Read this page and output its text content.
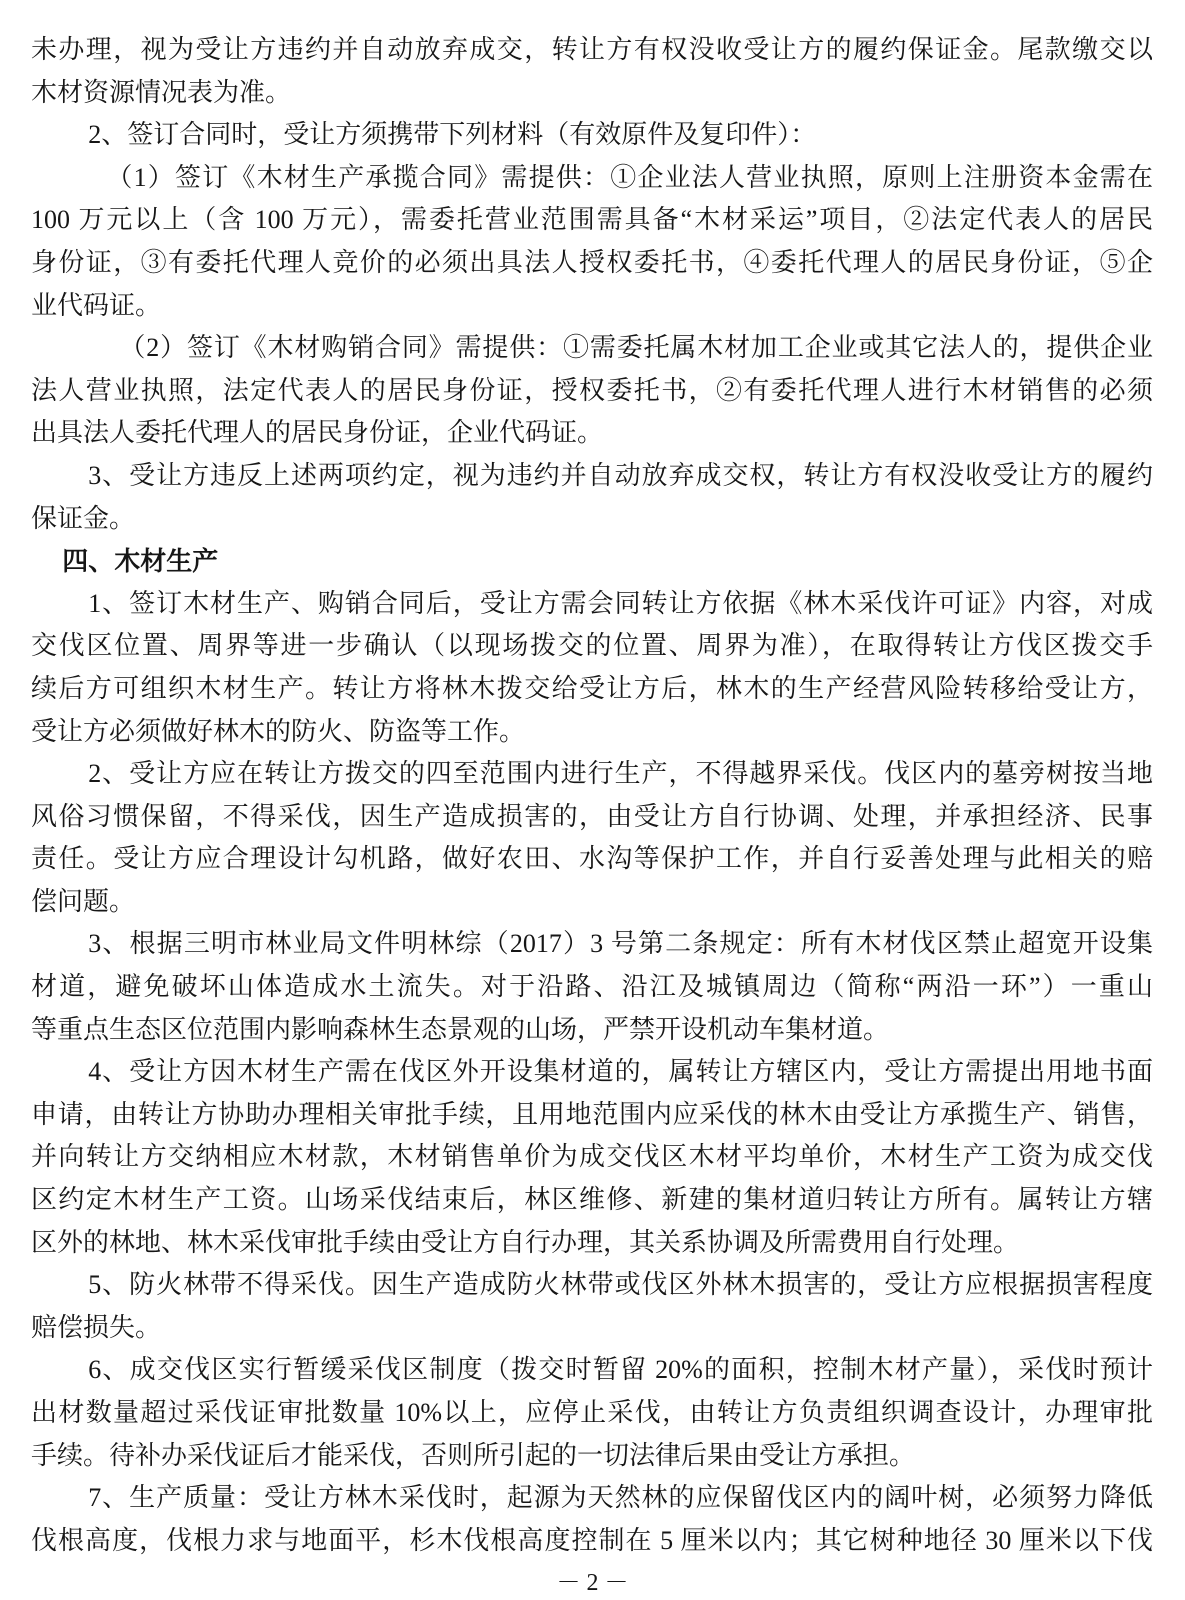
未办理，视为受让方违约并自动放弃成交，转让方有权没收受让方的履约保证金。尾款缴交以
木材资源情况表为准。
2、签订合同时，受让方须携带下列材料（有效原件及复印件）：
（1）签订《木材生产承揽合同》需提供：①企业法人营业执照，原则上注册资本金需在
100 万元以上（含 100 万元），需委托营业范围需具备“木材采运”项目，②法定代表人的居民
身份证，③有委托代理人竞价的必须出具法人授权委托书，④委托代理人的居民身份证，⑤企
业代码证。
（2）签订《木材购销合同》需提供：①需委托属木材加工企业或其它法人的，提供企业
法人营业执照，法定代表人的居民身份证，授权委托书，②有委托代理人进行木材销售的必须
出具法人委托代理人的居民身份证，企业代码证。
3、受让方违反上述两项约定，视为违约并自动放弃成交权，转让方有权没收受让方的履约
保证金。
四、木材生产
1、签订木材生产、购销合同后，受让方需会同转让方依据《林木采伐许可证》内容，对成
交伐区位置、周界等进一步确认（以现场拨交的位置、周界为准），在取得转让方伐区拨交手
续后方可组织木材生产。转让方将林木拨交给受让方后，林木的生产经营风险转移给受让方，
受让方必须做好林木的防火、防盗等工作。
2、受让方应在转让方拨交的四至范围内进行生产，不得越界采伐。伐区内的墓旁树按当地
风俗习惯保留，不得采伐，因生产造成损害的，由受让方自行协调、处理，并承担经济、民事
责任。受让方应合理设计勾机路，做好农田、水沟等保护工作，并自行妥善处理与此相关的赔
偿问题。
3、根据三明市林业局文件明林综（2017）3 号第二条规定：所有木材伐区禁止超宽开设集
材道，避免破坏山体造成水土流失。对于沿路、沿江及城镇周边（简称“两沿一环”）一重山
等重点生态区位范围内影响森林生态景观的山场，严禁开设机动车集材道。
4、受让方因木材生产需在伐区外开设集材道的，属转让方辖区内，受让方需提出用地书面
申请，由转让方协助办理相关审批手续，且用地范围内应采伐的林木由受让方承揽生产、销售，
并向转让方交纳相应木材款，木材销售单价为成交伐区木材平均单价，木材生产工资为成交伐
区约定木材生产工资。山场采伐结束后，林区维修、新建的集材道归转让方所有。属转让方辖
区外的林地、林木采伐审批手续由受让方自行办理，其关系协调及所需费用自行处理。
5、防火林带不得采伐。因生产造成防火林带或伐区外林木损害的，受让方应根据损害程度
赔偿损失。
6、成交伐区实行暂缓采伐区制度（拨交时暂留 20%的面积，控制木材产量），采伐时预计
出材数量超过采伐证审批数量 10%以上，应停止采伐，由转让方负责组织调查设计，办理审批
手续。待补办采伐证后才能采伐，否则所引起的一切法律后果由受让方承担。
7、生产质量：受让方林木采伐时，起源为天然林的应保留伐区内的阔叶树，必须努力降低
伐根高度，伐根力求与地面平，杉木伐根高度控制在 5 厘米以内；其它树种地径 30 厘米以下伐
－ 2 －
